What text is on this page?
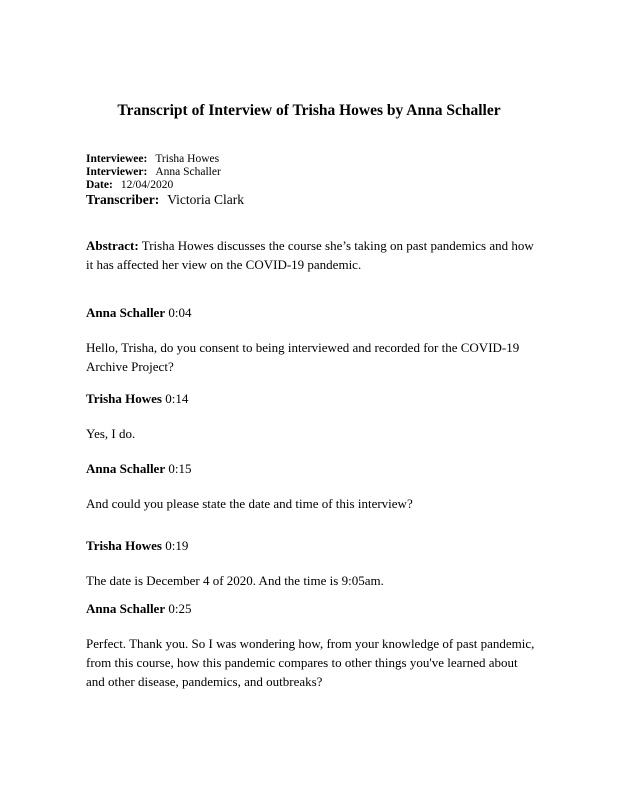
Transcript of Interview of Trisha Howes by Anna Schaller
Interviewee: Trisha Howes
Interviewer: Anna Schaller
Date: 12/04/2020
Transcriber: Victoria Clark
Abstract: Trisha Howes discusses the course she’s taking on past pandemics and how it has affected her view on the COVID-19 pandemic.
Anna Schaller 0:04
Hello, Trisha, do you consent to being interviewed and recorded for the COVID-19 Archive Project?
Trisha Howes 0:14
Yes, I do.
Anna Schaller 0:15
And could you please state the date and time of this interview?
Trisha Howes 0:19
The date is December 4 of 2020. And the time is 9:05am.
Anna Schaller 0:25
Perfect. Thank you. So I was wondering how, from your knowledge of past pandemic, from this course, how this pandemic compares to other things you've learned about and other disease, pandemics, and outbreaks?
